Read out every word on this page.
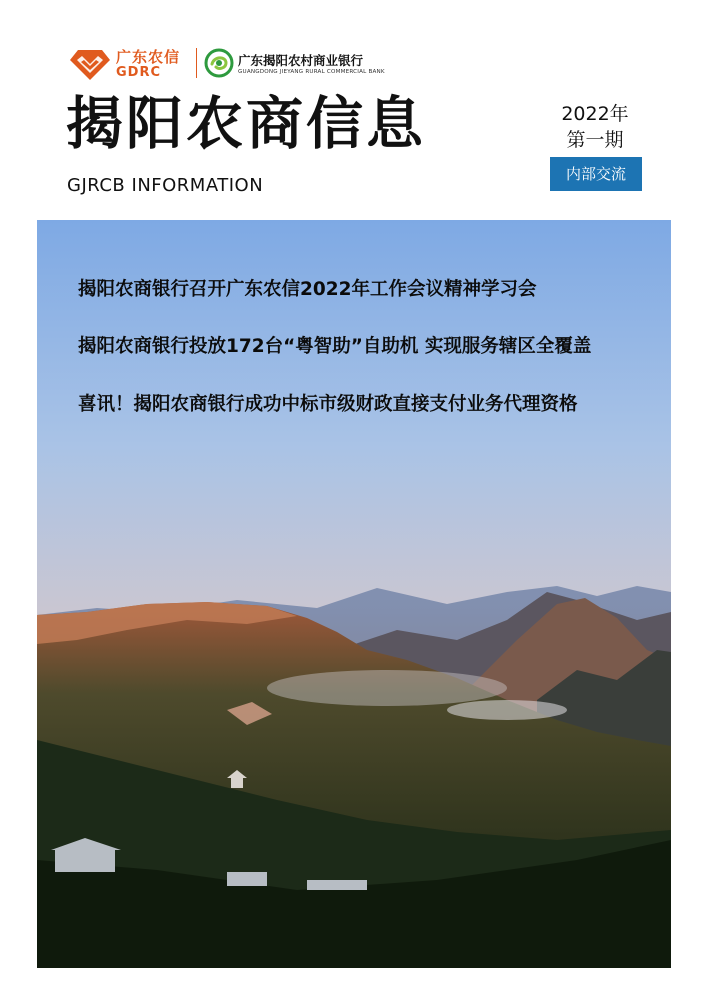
广东农信
GDRC
广东揭阳农村商业银行
GUANGDONG JIEYANG RURAL COMMERCIAL BANK
揭阳农商信息
GJRCB INFORMATION
2022年
第一期
内部交流
揭阳农商银行召开广东农信2022年工作会议精神学习会
揭阳农商银行投放172台“粤智助”自助机 实现服务辖区全覆盖
喜讯！揭阳农商银行成功中标市级财政直接支付业务代理资格
